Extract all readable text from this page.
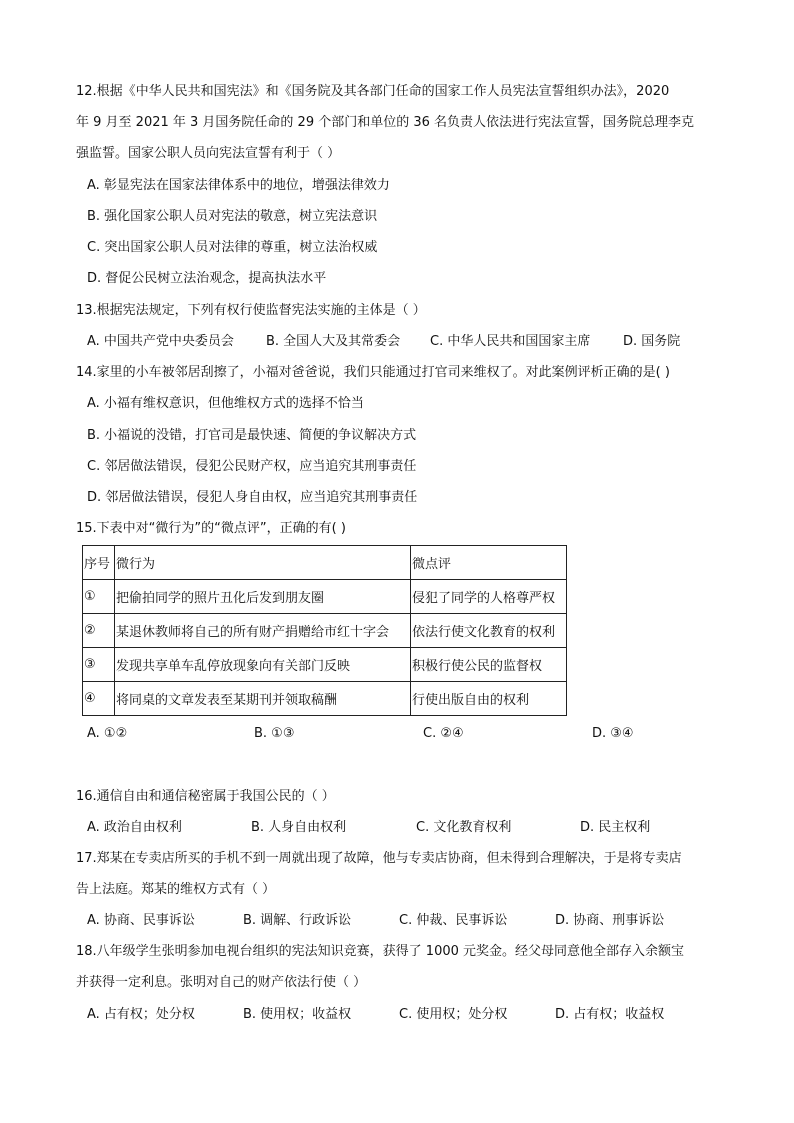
12.根据《中华人民共和国宪法》和《国务院及其各部门任命的国家工作人员宪法宣誓组织办法》，2020
年 9 月至 2021 年 3 月国务院任命的 29 个部门和单位的 36 名负责人依法进行宪法宣誓，国务院总理李克
强监誓。国家公职人员向宪法宣誓有利于（ ）
A. 彰显宪法在国家法律体系中的地位，增强法律效力
B. 强化国家公职人员对宪法的敬意，树立宪法意识
C. 突出国家公职人员对法律的尊重，树立法治权威
D. 督促公民树立法治观念，提高执法水平
13.根据宪法规定，下列有权行使监督宪法实施的主体是（ ）
A. 中国共产党中央委员会 B. 全国人大及其常委会 C. 中华人民共和国国家主席	D. 国务院
14.家里的小车被邻居刮擦了，小福对爸爸说，我们只能通过打官司来维权了。对此案例评析正确的是( )
A. 小福有维权意识，但他维权方式的选择不恰当
B. 小福说的没错，打官司是最快速、简便的争议解决方式
C. 邻居做法错误，侵犯公民财产权，应当追究其刑事责任
D. 邻居做法错误，侵犯人身自由权，应当追究其刑事责任
15.下表中对“微行为”的“微点评”，正确的有( )
序号	微行为	微点评
①	把偷拍同学的照片丑化后发到朋友圈	侵犯了同学的人格尊严权
②	某退休教师将自己的所有财产捐赠给市红十字会	依法行使文化教育的权利
③	发现共享单车乱停放现象向有关部门反映	积极行使公民的监督权
④	将同桌的文章发表至某期刊并领取稿酬	行使出版自由的权利
A. ①②	B. ①③	C. ②④	D. ③④
16.通信自由和通信秘密属于我国公民的（ ）
A. 政治自由权利	B. 人身自由权利	C. 文化教育权利	D. 民主权利
17.郑某在专卖店所买的手机不到一周就出现了故障，他与专卖店协商，但未得到合理解决，于是将专卖店
告上法庭。郑某的维权方式有（ ）
A. 协商、民事诉讼	B. 调解、行政诉讼	C. 仲裁、民事诉讼	D. 协商、刑事诉讼
18.八年级学生张明参加电视台组织的宪法知识竞赛，获得了 1000 元奖金。经父母同意他全部存入余额宝
并获得一定利息。张明对自己的财产依法行使（ ）
A. 占有权；处分权	B. 使用权；收益权	C. 使用权；处分权	D. 占有权；收益权
